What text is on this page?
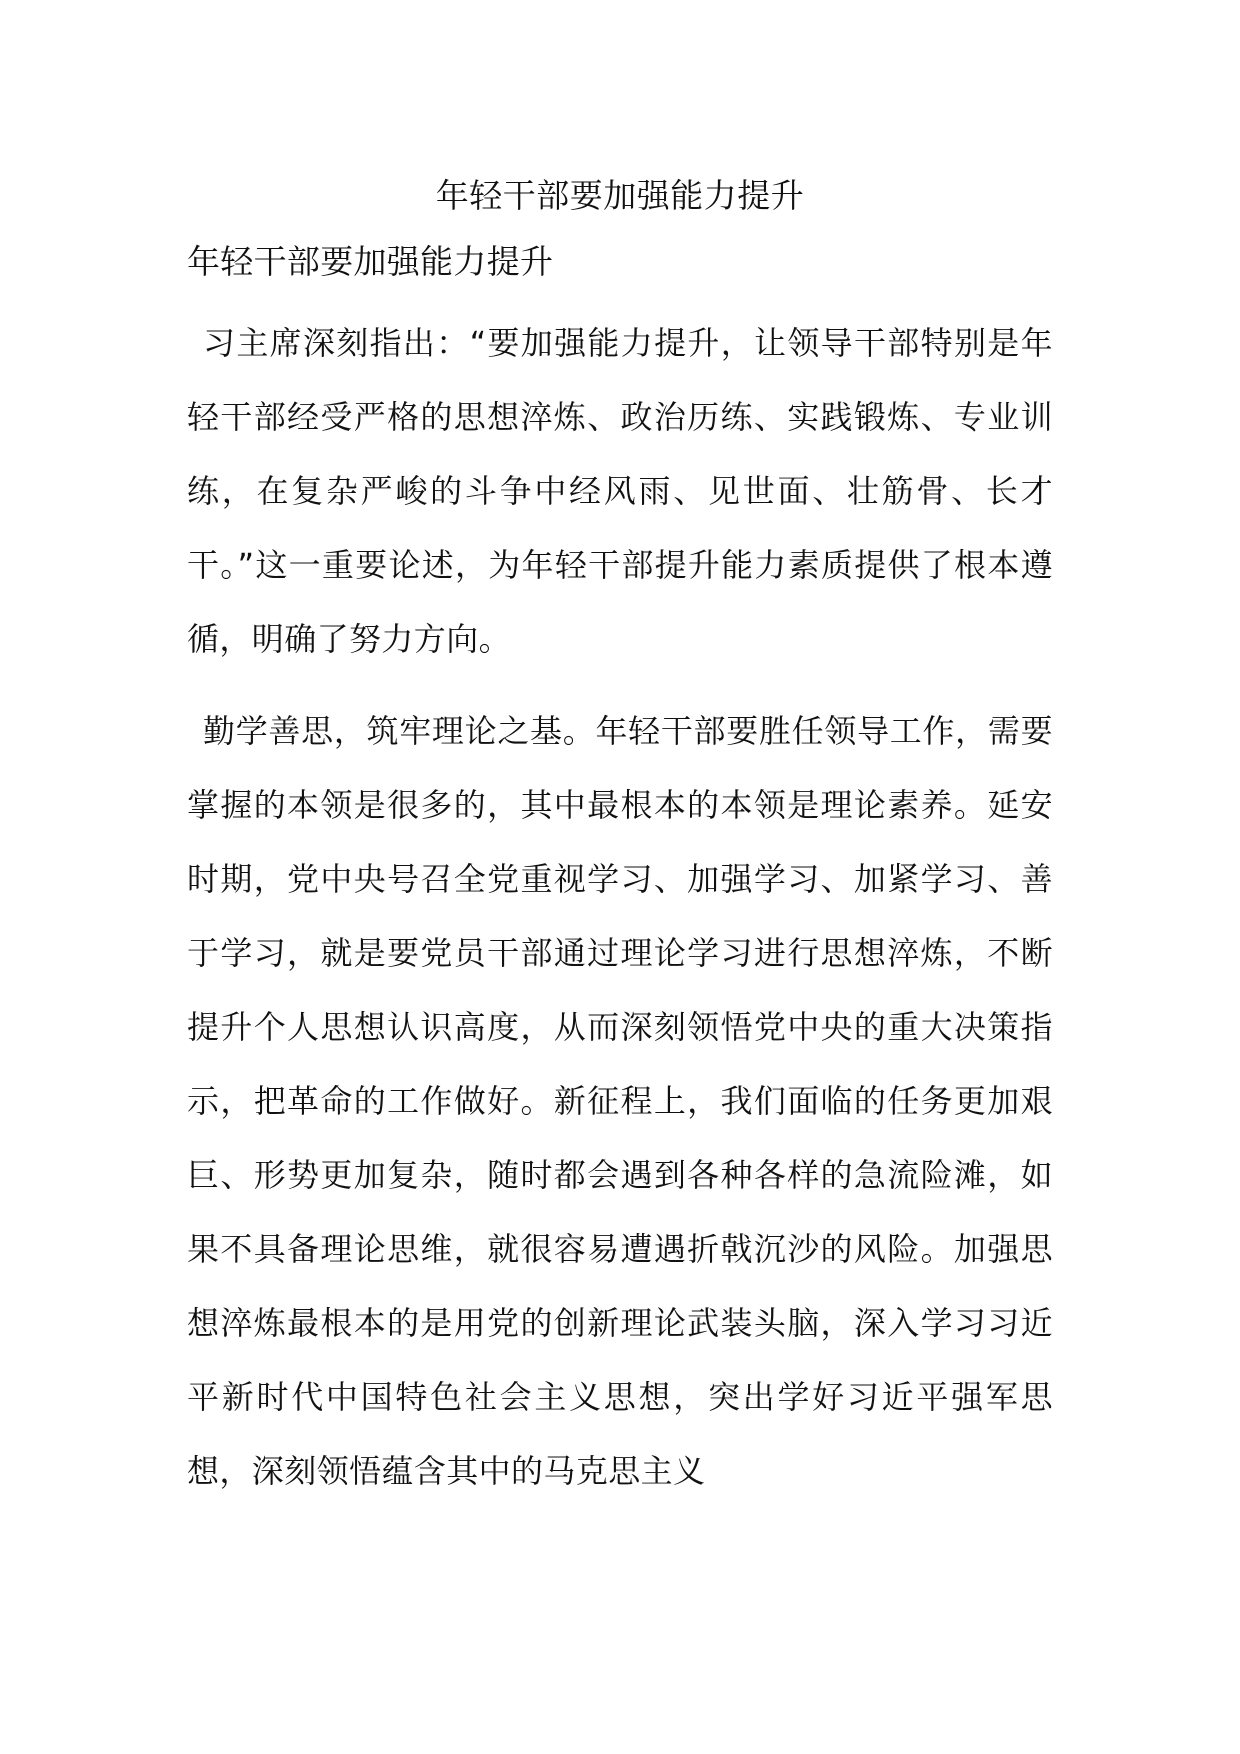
年轻干部要加强能力提升
年轻干部要加强能力提升

习主席深刻指出：“要加强能力提升，让领导干部特别是年轻干部经受严格的思想淬炼、政治历练、实践锻炼、专业训练，在复杂严峻的斗争中经风雨、见世面、壮筋骨、长才干。”这一重要论述，为年轻干部提升能力素质提供了根本遵循，明确了努力方向。

勤学善思，筑牢理论之基。年轻干部要胜任领导工作，需要掌握的本领是很多的，其中最根本的本领是理论素养。延安时期，党中央号召全党重视学习、加强学习、加紧学习、善于学习，就是要党员干部通过理论学习进行思想淬炼，不断提升个人思想认识高度，从而深刻领悟党中央的重大决策指示，把革命的工作做好。新征程上，我们面临的任务更加艰巨、形势更加复杂，随时都会遇到各种各样的急流险滩，如果不具备理论思维，就很容易遭遇折戟沉沙的风险。加强思想淬炼最根本的是用党的创新理论武装头脑，深入学习习近平新时代中国特色社会主义思想，突出学好习近平强军思想，深刻领悟蕴含其中的马克思主义
